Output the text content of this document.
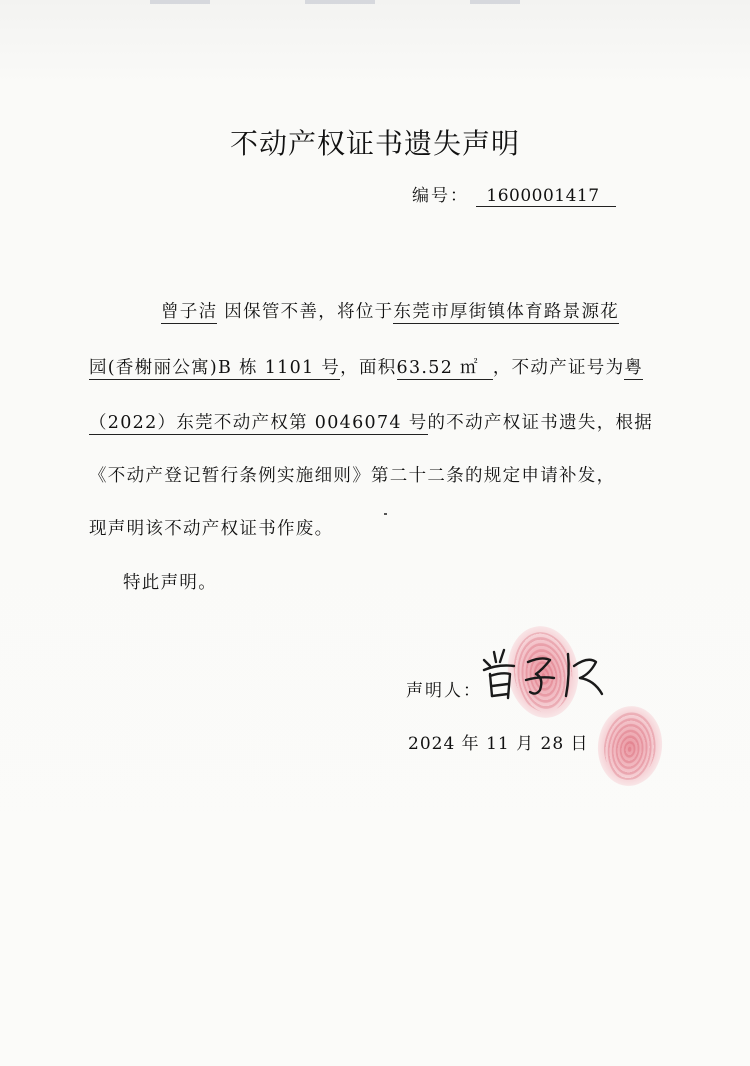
不动产权证书遗失声明
编号： 1600001417
曾子洁 因保管不善，将位于东莞市厚街镇体育路景源花
园(香榭丽公寓)B 栋 1101 号，面积63.52 ㎡ ，不动产证号为粤
（2022）东莞不动产权第 0046074 号的不动产权证书遗失，根据
《不动产登记暂行条例实施细则》第二十二条的规定申请补发，
现声明该不动产权证书作废。
特此声明。
声明人：
2024 年 11 月 28 日
